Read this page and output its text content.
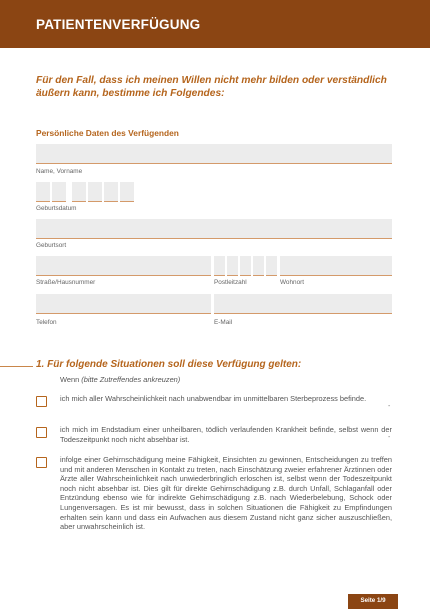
PATIENTENVERFÜGUNG
Für den Fall, dass ich meinen Willen nicht mehr bilden oder verständlich äußern kann, bestimme ich Folgendes:
Persönliche Daten des Verfügenden
Name, Vorname
Geburtsdatum
Geburtsort
Straße/Hausnummer	Postleitzahl	Wohnort
Telefon	E-Mail
1. Für folgende Situationen soll diese Verfügung gelten:
Wenn (bitte Zutreffendes ankreuzen)
ich mich aller Wahrscheinlichkeit nach unabwendbar im unmittelbaren Sterbeprozess befinde.
-
ich mich im Endstadium einer unheilbaren, tödlich verlaufenden Krankheit befinde, selbst wenn der Todeszeitpunkt noch nicht absehbar ist.	-
infolge einer Gehirnschädigung meine Fähigkeit, Einsichten zu gewinnen, Entscheidungen zu treffen und mit anderen Menschen in Kontakt zu treten, nach Einschätzung zweier erfahrener Ärztinnen oder Ärzte aller Wahrscheinlichkeit nach unwiederbringlich erloschen ist, selbst wenn der Todeszeitpunkt noch nicht absehbar ist. Dies gilt für direkte Gehirnschädigung z.B. durch Unfall, Schlaganfall oder Entzündung ebenso wie für indirekte Gehirnschädigung z.B. nach Wiederbelebung, Schock oder Lungenversagen. Es ist mir bewusst, dass in solchen Situationen die Fähigkeit zu Empfindungen erhalten sein kann und dass ein Aufwachen aus diesem Zustand nicht ganz sicher auszuschließen, aber unwahrscheinlich ist.
Seite 1/9
